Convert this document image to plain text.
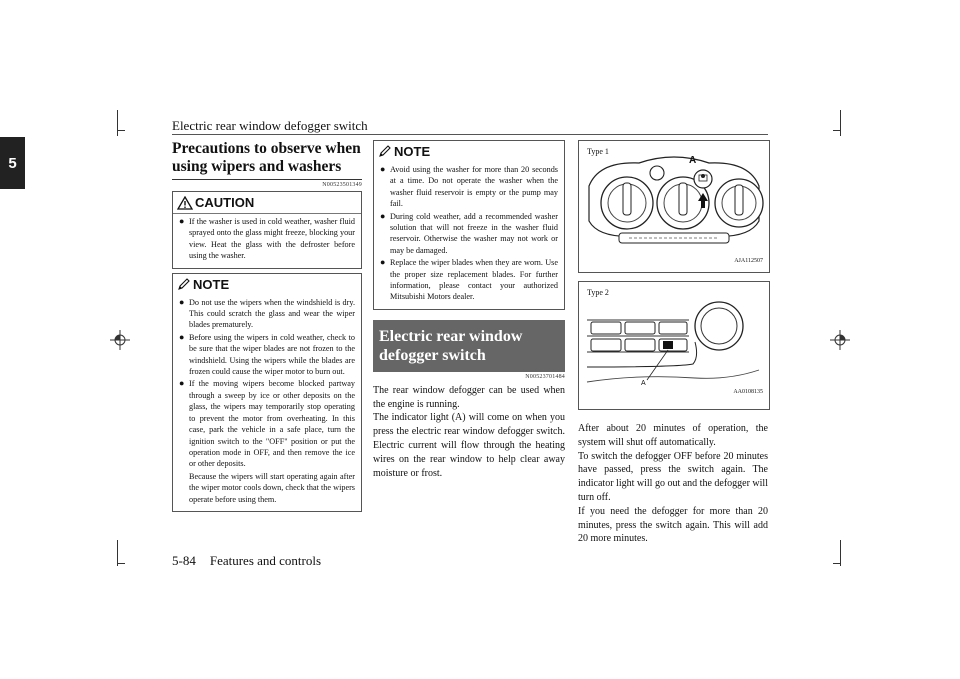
Electric rear window defogger switch
5
Precautions to observe when using wipers and washers
N00523501349
CAUTION
● If the washer is used in cold weather, washer fluid sprayed onto the glass might freeze, blocking your view. Heat the glass with the defroster before using the washer.
NOTE
● Do not use the wipers when the windshield is dry. This could scratch the glass and wear the wiper blades prematurely.
● Before using the wipers in cold weather, check to be sure that the wiper blades are not frozen to the windshield. Using the wipers while the blades are frozen could cause the wiper motor to burn out.
● If the moving wipers become blocked partway through a sweep by ice or other deposits on the glass, the wipers may temporarily stop operating to prevent the motor from overheating. In this case, park the vehicle in a safe place, turn the ignition switch to the "OFF" position or put the operation mode in OFF, and then remove the ice or other deposits.
Because the wipers will start operating again after the wiper motor cools down, check that the wipers operate before using them.
NOTE
● Avoid using the washer for more than 20 seconds at a time. Do not operate the washer when the washer fluid reservoir is empty or the pump may fail.
● During cold weather, add a recommended washer solution that will not freeze in the washer fluid reservoir. Otherwise the washer may not work or may be damaged.
● Replace the wiper blades when they are worn. Use the proper size replacement blades. For further information, please contact your authorized Mitsubishi Motors dealer.
Electric rear window defogger switch
N00523701484
The rear window defogger can be used when the engine is running.
The indicator light (A) will come on when you press the electric rear window defogger switch. Electric current will flow through the heating wires on the rear window to help clear away moisture or frost.
Type 1
A
AJA112507
Type 2
A
AA0108135
After about 20 minutes of operation, the system will shut off automatically.
To switch the defogger OFF before 20 minutes have passed, press the switch again. The indicator light will go out and the defogger will turn off.
If you need the defogger for more than 20 minutes, press the switch again. This will add 20 more minutes.
5-84 Features and controls
